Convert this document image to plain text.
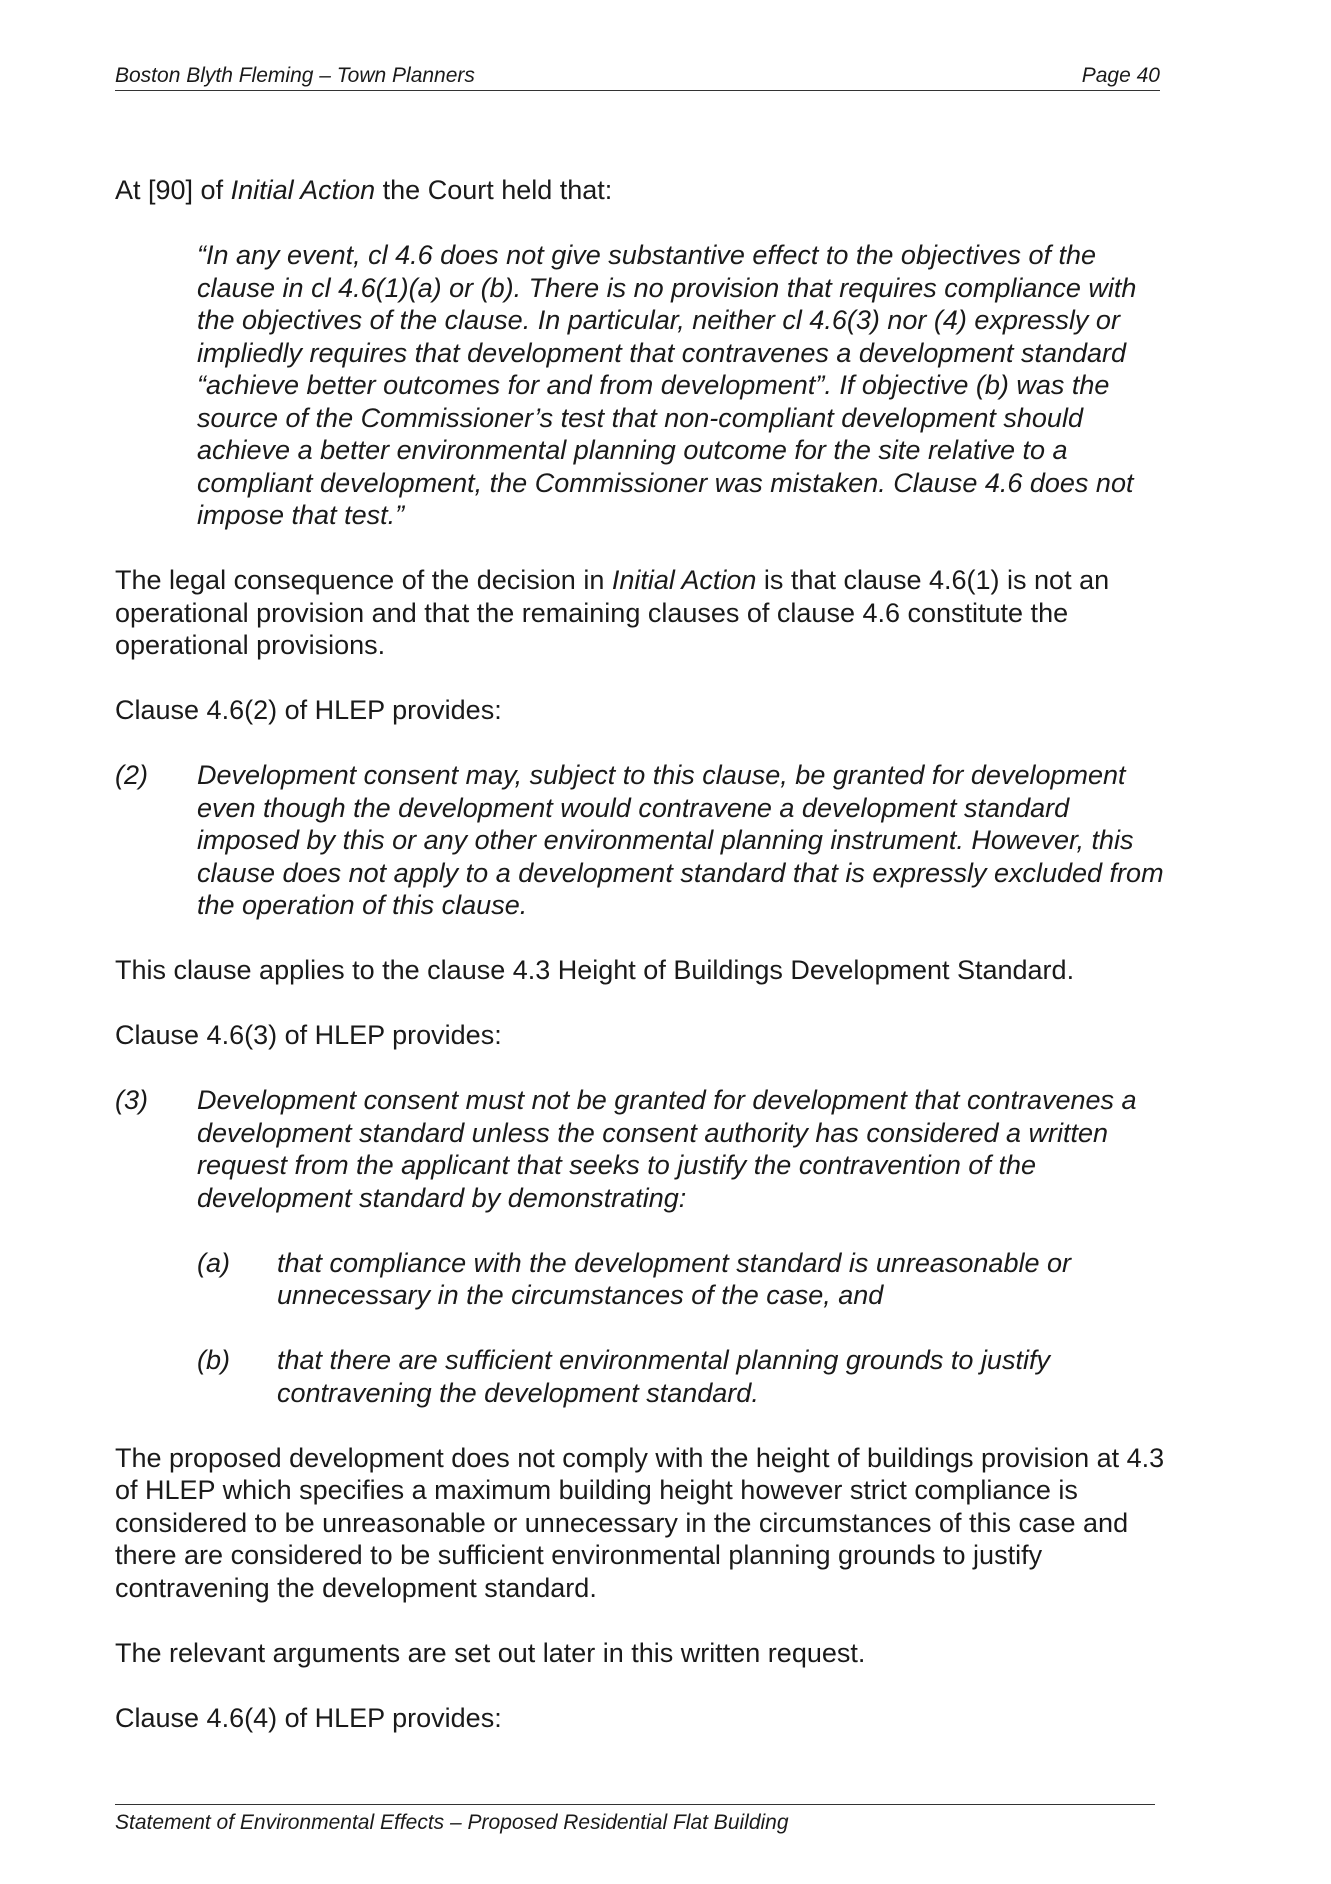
Boston Blyth Fleming – Town Planners	Page 40

At [90] of Initial Action the Court held that:

“In any event, cl 4.6 does not give substantive effect to the objectives of the clause in cl 4.6(1)(a) or (b). There is no provision that requires compliance with the objectives of the clause. In particular, neither cl 4.6(3) nor (4) expressly or impliedly requires that development that contravenes a development standard “achieve better outcomes for and from development”. If objective (b) was the source of the Commissioner’s test that non-compliant development should achieve a better environmental planning outcome for the site relative to a compliant development, the Commissioner was mistaken. Clause 4.6 does not impose that test.”

The legal consequence of the decision in Initial Action is that clause 4.6(1) is not an operational provision and that the remaining clauses of clause 4.6 constitute the operational provisions.

Clause 4.6(2) of HLEP provides:

(2) Development consent may, subject to this clause, be granted for development even though the development would contravene a development standard imposed by this or any other environmental planning instrument. However, this clause does not apply to a development standard that is expressly excluded from the operation of this clause.

This clause applies to the clause 4.3 Height of Buildings Development Standard.

Clause 4.6(3) of HLEP provides:

(3) Development consent must not be granted for development that contravenes a development standard unless the consent authority has considered a written request from the applicant that seeks to justify the contravention of the development standard by demonstrating:

(a) that compliance with the development standard is unreasonable or unnecessary in the circumstances of the case, and

(b) that there are sufficient environmental planning grounds to justify contravening the development standard.

The proposed development does not comply with the height of buildings provision at 4.3 of HLEP which specifies a maximum building height however strict compliance is considered to be unreasonable or unnecessary in the circumstances of this case and there are considered to be sufficient environmental planning grounds to justify contravening the development standard.

The relevant arguments are set out later in this written request.

Clause 4.6(4) of HLEP provides:

Statement of Environmental Effects – Proposed Residential Flat Building
